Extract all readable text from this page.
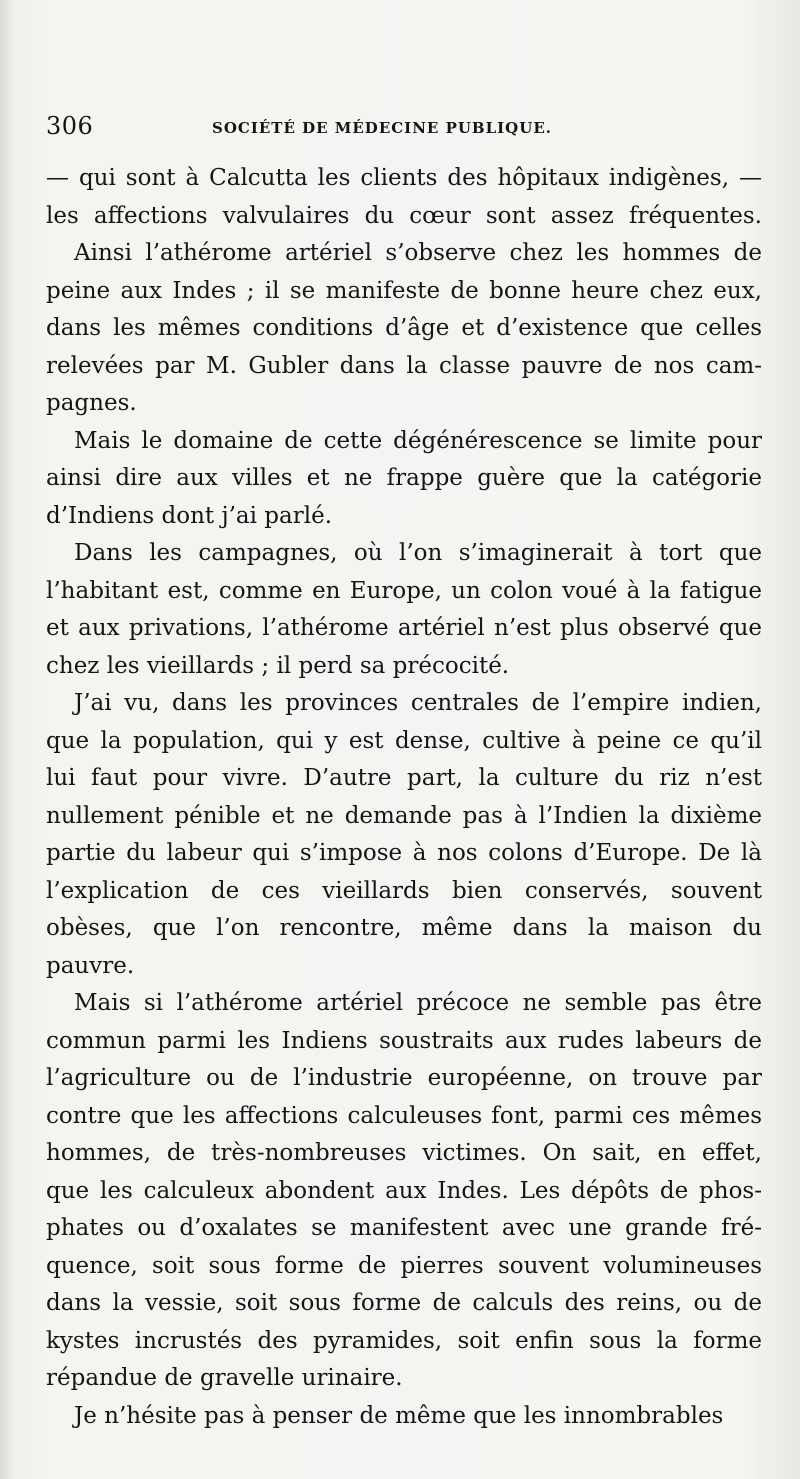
306	SOCIÉTÉ DE MÉDECINE PUBLIQUE.
— qui sont à Calcutta les clients des hôpitaux indigènes, —
les affections valvulaires du cœur sont assez fréquentes.
Ainsi l’athérome artériel s’observe chez les hommes de
peine aux Indes ; il se manifeste de bonne heure chez eux,
dans les mêmes conditions d’âge et d’existence que celles
relevées par M. Gubler dans la classe pauvre de nos cam-
pagnes.
Mais le domaine de cette dégénérescence se limite pour
ainsi dire aux villes et ne frappe guère que la catégorie
d’Indiens dont j’ai parlé.
Dans les campagnes, où l’on s’imaginerait à tort que
l’habitant est, comme en Europe, un colon voué à la fatigue
et aux privations, l’athérome artériel n’est plus observé que
chez les vieillards ; il perd sa précocité.
J’ai vu, dans les provinces centrales de l’empire indien,
que la population, qui y est dense, cultive à peine ce qu’il
lui faut pour vivre. D’autre part, la culture du riz n’est
nullement pénible et ne demande pas à l’Indien la dixième
partie du labeur qui s’impose à nos colons d’Europe. De là
l’explication de ces vieillards bien conservés, souvent
obèses, que l’on rencontre, même dans la maison du
pauvre.
Mais si l’athérome artériel précoce ne semble pas être
commun parmi les Indiens soustraits aux rudes labeurs de
l’agriculture ou de l’industrie européenne, on trouve par
contre que les affections calculeuses font, parmi ces mêmes
hommes, de très-nombreuses victimes. On sait, en effet,
que les calculeux abondent aux Indes. Les dépôts de phos-
phates ou d’oxalates se manifestent avec une grande fré-
quence, soit sous forme de pierres souvent volumineuses
dans la vessie, soit sous forme de calculs des reins, ou de
kystes incrustés des pyramides, soit enfin sous la forme
répandue de gravelle urinaire.
Je n’hésite pas à penser de même que les innombrables
